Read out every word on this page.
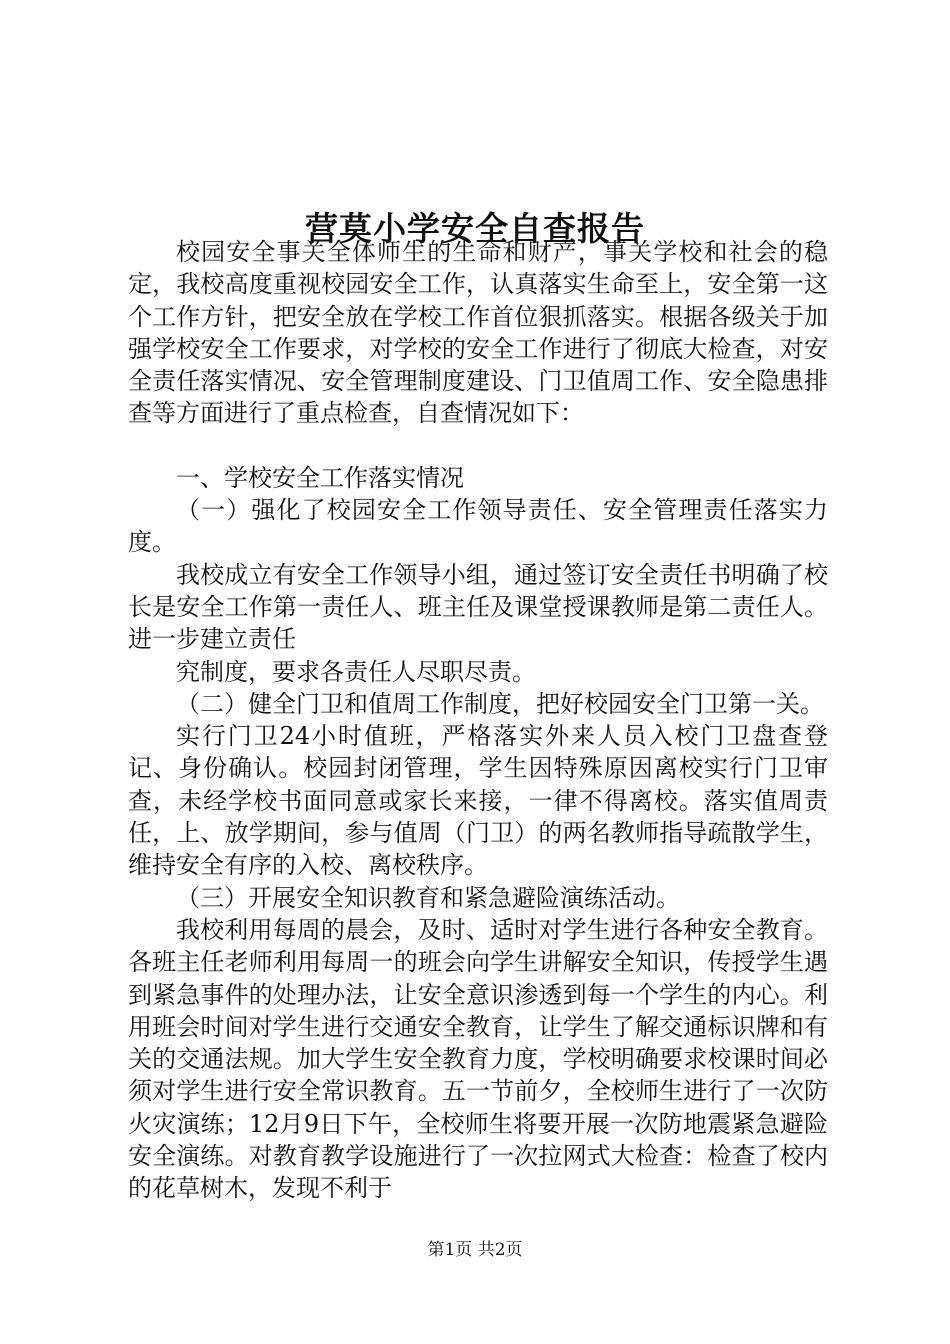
营莫小学安全自查报告

校园安全事关全体师生的生命和财产，事关学校和社会的稳定，我校高度重视校园安全工作，认真落实生命至上，安全第一这个工作方针，把安全放在学校工作首位狠抓落实。根据各级关于加强学校安全工作要求，对学校的安全工作进行了彻底大检查，对安全责任落实情况、安全管理制度建设、门卫值周工作、安全隐患排查等方面进行了重点检查，自查情况如下：

一、学校安全工作落实情况

（一）强化了校园安全工作领导责任、安全管理责任落实力度。

我校成立有安全工作领导小组，通过签订安全责任书明确了校长是安全工作第一责任人、班主任及课堂授课教师是第二责任人。进一步建立责任

究制度，要求各责任人尽职尽责。

（二）健全门卫和值周工作制度，把好校园安全门卫第一关。

实行门卫24小时值班，严格落实外来人员入校门卫盘查登记、身份确认。校园封闭管理，学生因特殊原因离校实行门卫审查，未经学校书面同意或家长来接，一律不得离校。落实值周责任，上、放学期间，参与值周（门卫）的两名教师指导疏散学生，维持安全有序的入校、离校秩序。

（三）开展安全知识教育和紧急避险演练活动。

我校利用每周的晨会，及时、适时对学生进行各种安全教育。各班主任老师利用每周一的班会向学生讲解安全知识，传授学生遇到紧急事件的处理办法，让安全意识渗透到每一个学生的内心。利用班会时间对学生进行交通安全教育，让学生了解交通标识牌和有关的交通法规。加大学生安全教育力度，学校明确要求校课时间必须对学生进行安全常识教育。五一节前夕，全校师生进行了一次防火灾演练；12月9日下午，全校师生将要开展一次防地震紧急避险安全演练。对教育教学设施进行了一次拉网式大检查：检查了校内的花草树木，发现不利于

第1页 共2页
